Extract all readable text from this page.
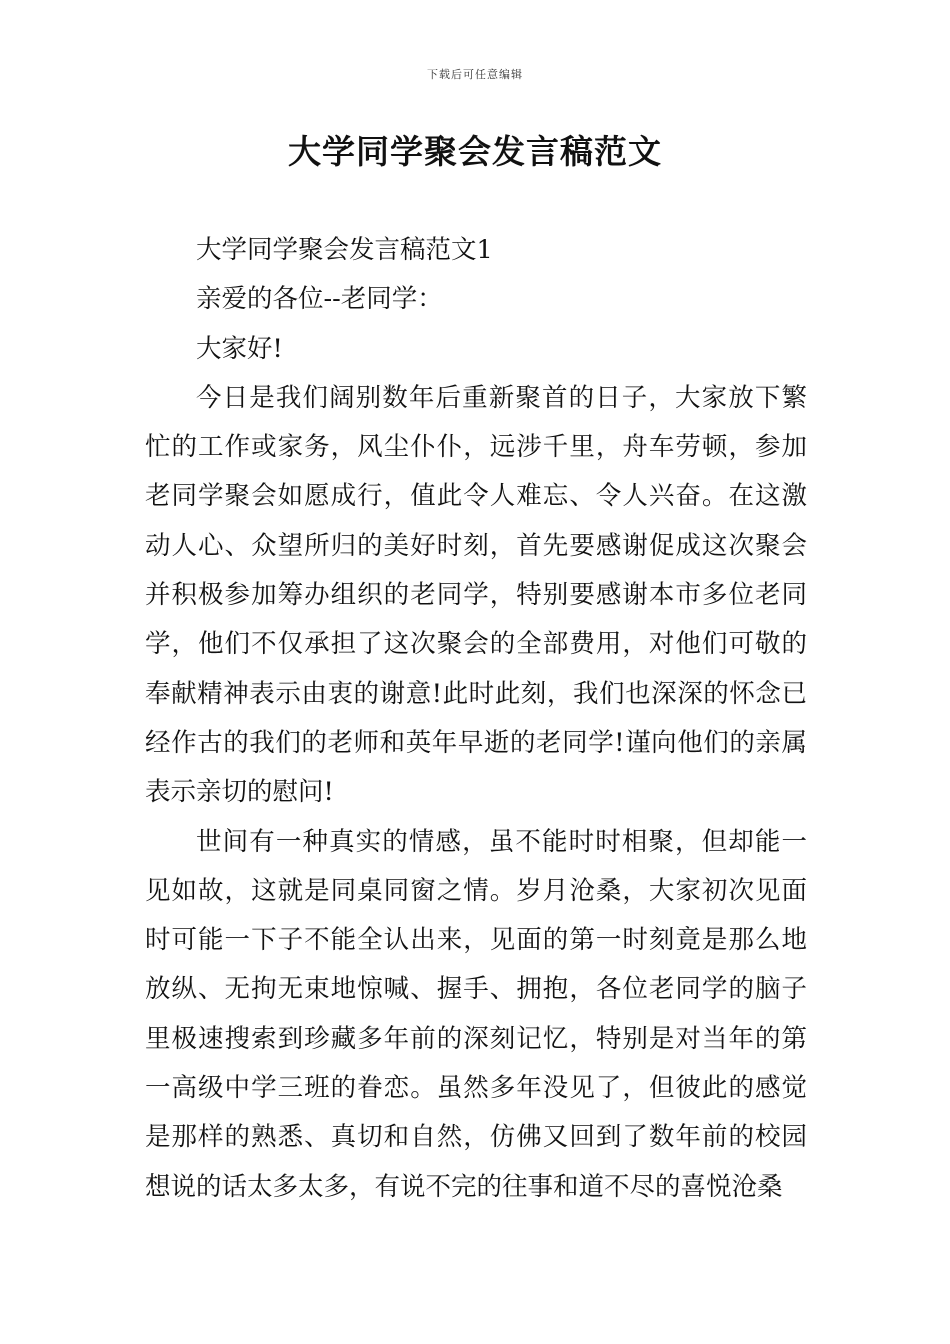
下载后可任意编辑
大学同学聚会发言稿范文

大学同学聚会发言稿范文1

亲爱的各位--老同学：

大家好!

今日是我们阔别数年后重新聚首的日子，大家放下繁忙的工作或家务，风尘仆仆，远涉千里，舟车劳顿，参加老同学聚会如愿成行，值此令人难忘、令人兴奋。在这激动人心、众望所归的美好时刻，首先要感谢促成这次聚会并积极参加筹办组织的老同学，特别要感谢本市多位老同学，他们不仅承担了这次聚会的全部费用，对他们可敬的奉献精神表示由衷的谢意!此时此刻，我们也深深的怀念已经作古的我们的老师和英年早逝的老同学!谨向他们的亲属表示亲切的慰问!

世间有一种真实的情感，虽不能时时相聚，但却能一见如故，这就是同桌同窗之情。岁月沧桑，大家初次见面时可能一下子不能全认出来，见面的第一时刻竟是那么地放纵、无拘无束地惊喊、握手、拥抱，各位老同学的脑子里极速搜索到珍藏多年前的深刻记忆，特别是对当年的第一高级中学三班的眷恋。虽然多年没见了，但彼此的感觉是那样的熟悉、真切和自然，仿佛又回到了数年前的校园想说的话太多太多，有说不完的往事和道不尽的喜悦沧桑
